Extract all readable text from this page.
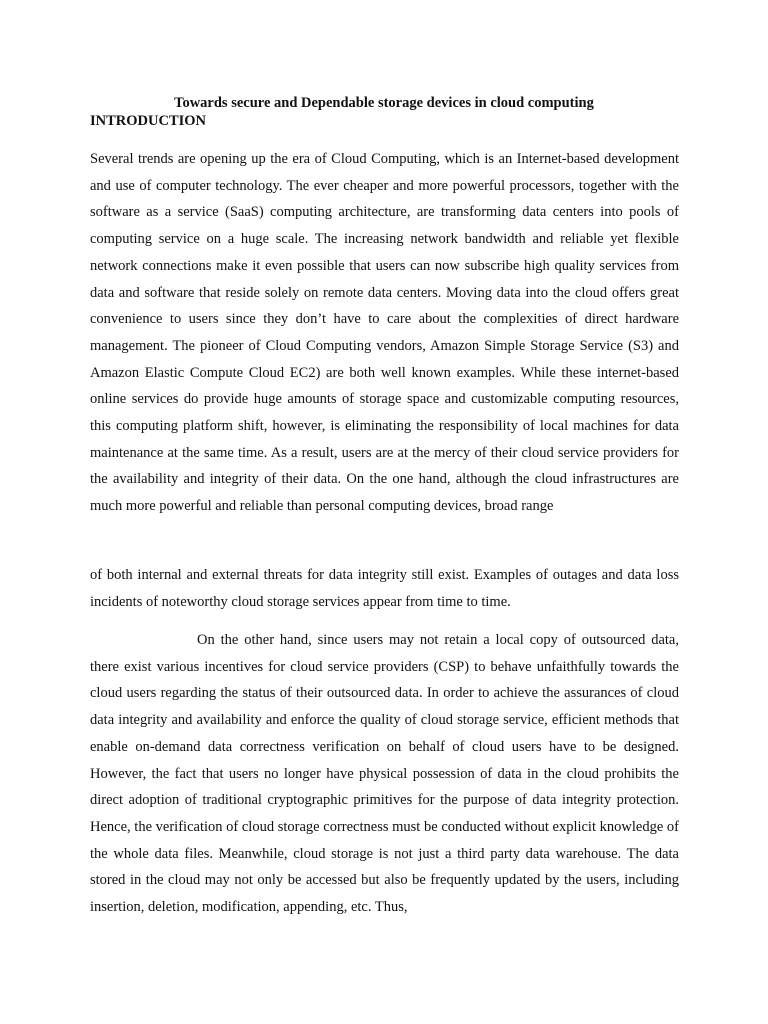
Towards secure and Dependable storage devices in cloud computing
INTRODUCTION

Several trends are opening up the era of Cloud Computing, which is an Internet-based development and use of computer technology. The ever cheaper and more powerful processors, together with the software as a service (SaaS) computing architecture, are transforming data centers into pools of computing service on a huge scale. The increasing network bandwidth and reliable yet flexible network connections make it even possible that users can now subscribe high quality services from data and software that reside solely on remote data centers. Moving data into the cloud offers great convenience to users since they don’t have to care about the complexities of direct hardware management. The pioneer of Cloud Computing vendors, Amazon Simple Storage Service (S3) and Amazon Elastic Compute Cloud EC2) are both well known examples. While these internet-based online services do provide huge amounts of storage space and customizable computing resources, this computing platform shift, however, is eliminating the responsibility of local machines for data maintenance at the same time. As a result, users are at the mercy of their cloud service providers for the availability and integrity of their data. On the one hand, although the cloud infrastructures are much more powerful and reliable than personal computing devices, broad range

of both internal and external threats for data integrity still exist. Examples of outages and data loss incidents of noteworthy cloud storage services appear from time to time.

On the other hand, since users may not retain a local copy of outsourced data, there exist various incentives for cloud service providers (CSP) to behave unfaithfully towards the cloud users regarding the status of their outsourced data. In order to achieve the assurances of cloud data integrity and availability and enforce the quality of cloud storage service, efficient methods that enable on-demand data correctness verification on behalf of cloud users have to be designed. However, the fact that users no longer have physical possession of data in the cloud prohibits the direct adoption of traditional cryptographic primitives for the purpose of data integrity protection. Hence, the verification of cloud storage correctness must be conducted without explicit knowledge of the whole data files. Meanwhile, cloud storage is not just a third party data warehouse. The data stored in the cloud may not only be accessed but also be frequently updated by the users, including insertion, deletion, modification, appending, etc. Thus,
